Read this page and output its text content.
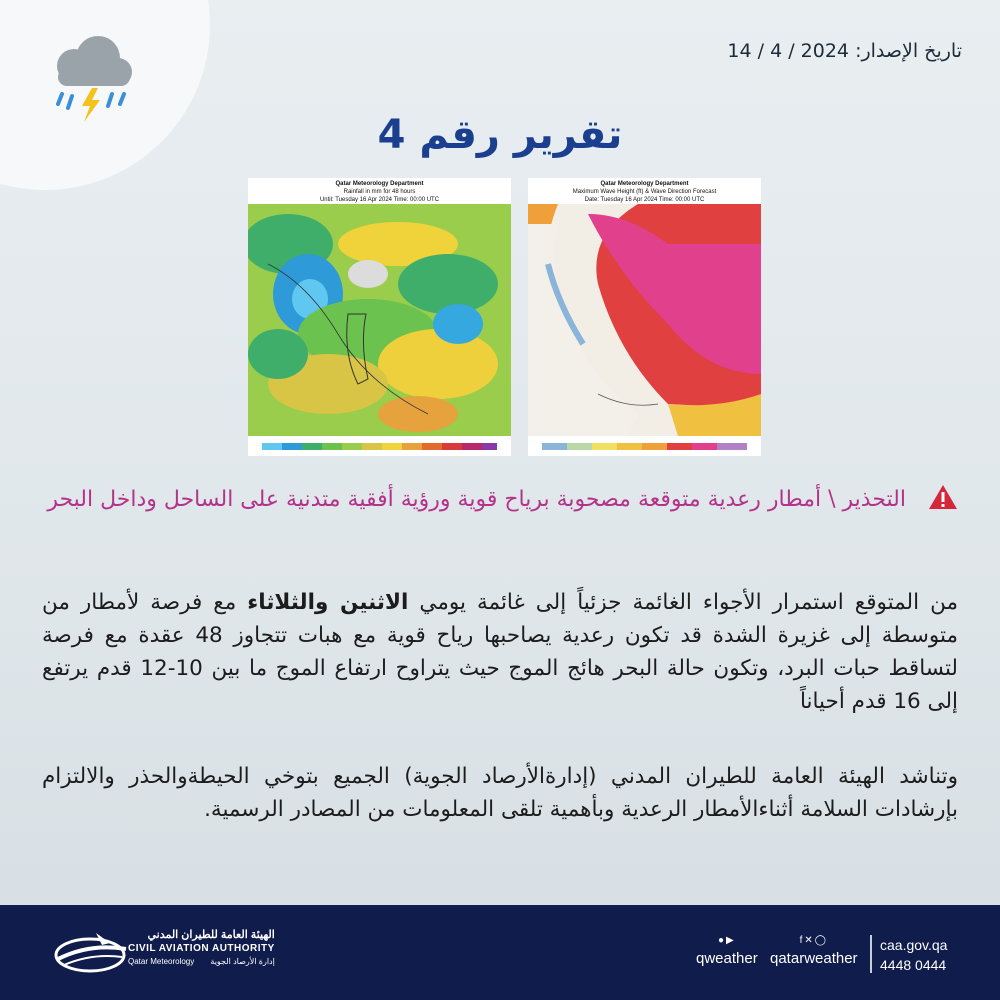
تاريخ الإصدار: 2024 / 4 / 14
تقرير رقم 4
Qatar Meteorology Department
Rainfall in mm for 48 hours
Until: Tuesday 16 Apr 2024 Time: 00:00 UTC
Qatar Meteorology Department
Maximum Wave Height (ft) & Wave Direction Forecast
Date: Tuesday 16 Apr 2024 Time: 00:00 UTC
التحذير \ أمطار رعدية متوقعة مصحوبة برياح قوية ورؤية أفقية متدنية على الساحل وداخل البحر
من المتوقع استمرار الأجواء الغائمة جزئياً إلى غائمة يومي الاثنين والثلاثاء مع فرصة لأمطار من متوسطة إلى غزيرة الشدة قد تكون رعدية يصاحبها رياح قوية مع هبات تتجاوز 48 عقدة مع فرصة لتساقط حبات البرد، وتكون حالة البحر هائج الموج حيث يتراوح ارتفاع الموج ما بين 10-12 قدم يرتفع إلى 16 قدم أحياناً
وتناشد الهيئة العامة للطيران المدني (إدارةالأرصاد الجوية) الجميع بتوخي الحيطةوالحذر والالتزام بإرشادات السلامة أثناءالأمطار الرعدية وبأهمية تلقى المعلومات من المصادر الرسمية.
الهيئة العامة للطيران المدني
CIVIL AVIATION AUTHORITY
Qatar Meteorology إدارة الأرصاد الجوية
●▶
qweather
f✕◯
qatarweather
caa.gov.qa
4448 0444
